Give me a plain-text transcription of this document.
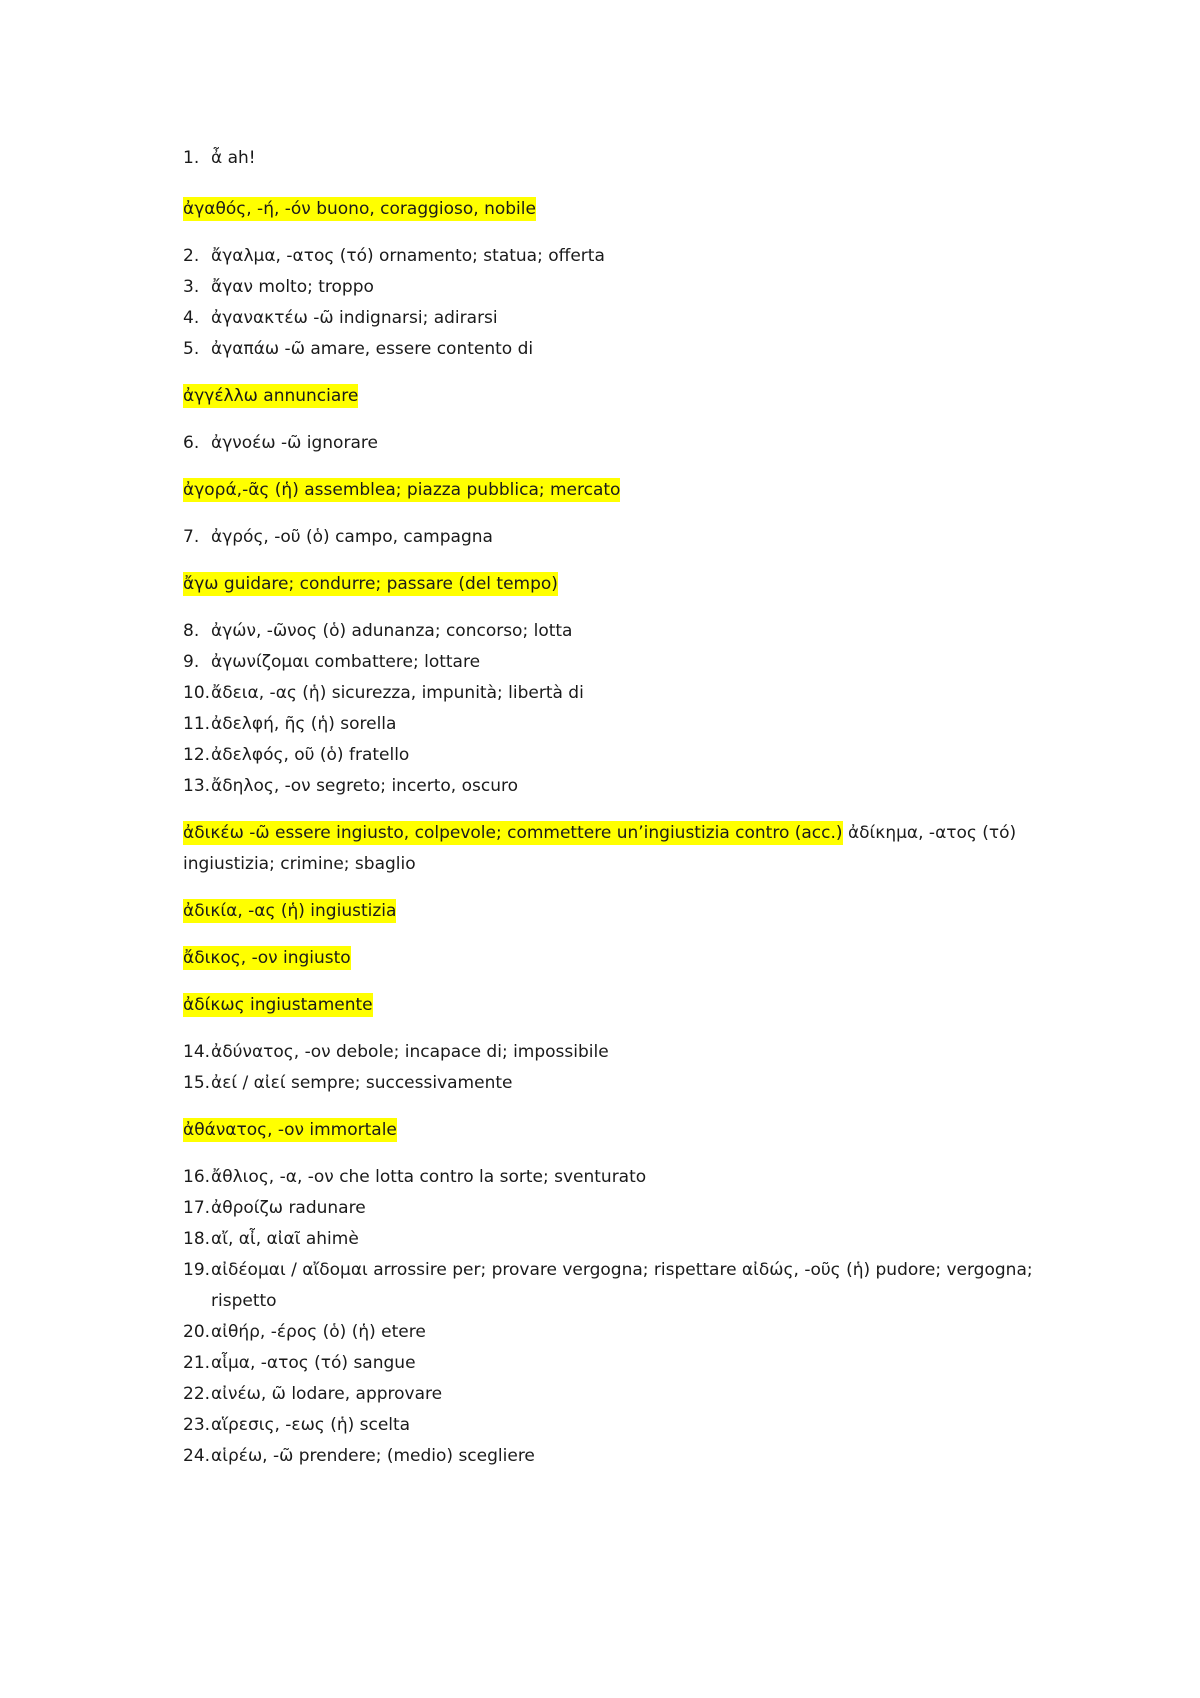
1. ἆ ah!
ἀγαθός, -ή, -όν buono, coraggioso, nobile
2. ἄγαλμα, -ατος (τό) ornamento; statua; offerta
3. ἄγαν molto; troppo
4. ἀγανακτέω -ῶ indignarsi; adirarsi
5. ἀγαπάω -ῶ amare, essere contento di
ἀγγέλλω annunciare
6. ἀγνοέω -ῶ ignorare
ἀγορά,-ᾶς (ἡ) assemblea; piazza pubblica; mercato
7. ἀγρός, -οῦ (ὁ) campo, campagna
ἄγω guidare; condurre; passare (del tempo)
8. ἀγών, -ῶνος (ὁ) adunanza; concorso; lotta
9. ἀγωνίζομαι combattere; lottare
10. ἄδεια, -ας (ἡ) sicurezza, impunità; libertà di
11. ἀδελφή, ῆς (ἡ) sorella
12. ἀδελφός, οῦ (ὁ) fratello
13. ἄδηλος, -ον segreto; incerto, oscuro
ἀδικέω -ῶ essere ingiusto, colpevole; commettere un’ingiustizia contro (acc.) ἀδίκημα, -ατος (τό) ingiustizia; crimine; sbaglio
ἀδικία, -ας (ἡ) ingiustizia
ἄδικος, -ον ingiusto
ἀδίκως ingiustamente
14. ἀδύνατος, -ον debole; incapace di; impossibile
15. ἀεί / αἰεί sempre; successivamente
ἀθάνατος, -ον immortale
16. ἄθλιος, -α, -ον che lotta contro la sorte; sventurato
17. ἀθροίζω radunare
18. αἴ, αἶ, αἰαῖ ahimè
19. αἰδέομαι / αἴδομαι arrossire per; provare vergogna; rispettare αἰδώς, -οῦς (ἡ) pudore; vergogna; rispetto
20. αἰθήρ, -έρος (ὁ) (ἡ) etere
21. αἷμα, -ατος (τό) sangue
22. αἰνέω, ῶ lodare, approvare
23. αἵρεσις, -εως (ἡ) scelta
24. αἱρέω, -ῶ prendere; (medio) scegliere
